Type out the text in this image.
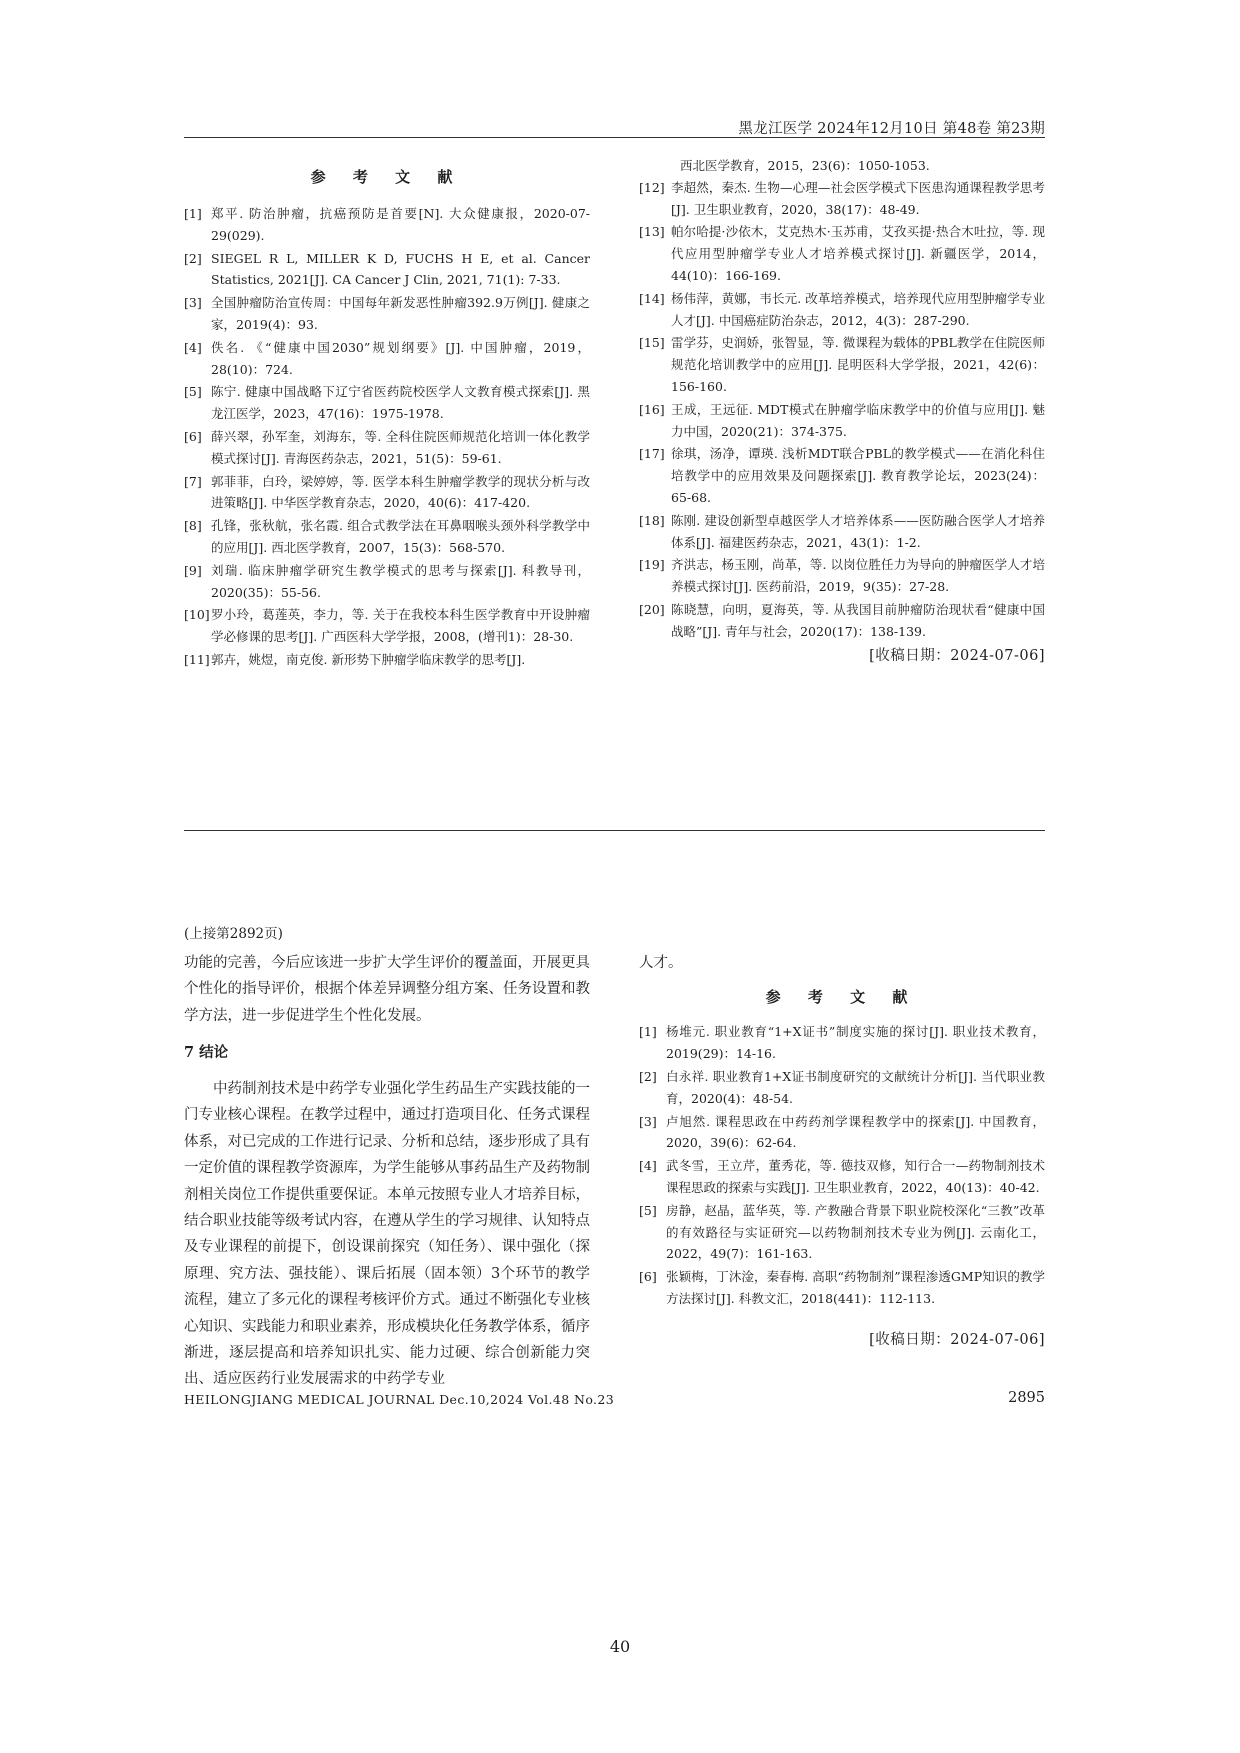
黑龙江医学 2024年12月10日 第48卷 第23期

参 考 文 献

[1] 郑平. 防治肿瘤，抗癌预防是首要[N]. 大众健康报，2020-07-29(029).

[2] SIEGEL R L, MILLER K D, FUCHS H E, et al. Cancer Statistics, 2021[J]. CA Cancer J Clin, 2021, 71(1): 7-33.

[3] 全国肿瘤防治宣传周：中国每年新发恶性肿瘤392.9万例[J]. 健康之家，2019(4)：93.

[4] 佚名. 《“健康中国2030”规划纲要》[J]. 中国肿瘤，2019，28(10)：724.

[5] 陈宁. 健康中国战略下辽宁省医药院校医学人文教育模式探索[J]. 黑龙江医学，2023，47(16)：1975-1978.

[6] 薛兴翠，孙军奎，刘海东，等. 全科住院医师规范化培训一体化教学模式探讨[J]. 青海医药杂志，2021，51(5)：59-61.

[7] 郭菲菲，白玲，梁婷婷，等. 医学本科生肿瘤学教学的现状分析与改进策略[J]. 中华医学教育杂志，2020，40(6)：417-420.

[8] 孔锋，张秋航，张名霞. 组合式教学法在耳鼻咽喉头颈外科学教学中的应用[J]. 西北医学教育，2007，15(3)：568-570.

[9] 刘瑞. 临床肿瘤学研究生教学模式的思考与探索[J]. 科教导刊，2020(35)：55-56.

[10] 罗小玲，葛莲英，李力，等. 关于在我校本科生医学教育中开设肿瘤学必修课的思考[J]. 广西医科大学学报，2008，(增刊1)：28-30.

[11] 郭卉，姚煜，南克俊. 新形势下肿瘤学临床教学的思考[J].

西北医学教育，2015，23(6)：1050-1053.

[12] 李超然，秦杰. 生物—心理—社会医学模式下医患沟通课程教学思考[J]. 卫生职业教育，2020，38(17)：48-49.

[13] 帕尔哈提·沙依木，艾克热木·玉苏甫，艾孜买提·热合木吐拉，等. 现代应用型肿瘤学专业人才培养模式探讨[J]. 新疆医学，2014，44(10)：166-169.

[14] 杨伟萍，黄娜，韦长元. 改革培养模式，培养现代应用型肿瘤学专业人才[J]. 中国癌症防治杂志，2012，4(3)：287-290.

[15] 雷学芬，史润娇，张智显，等. 微课程为载体的PBL教学在住院医师规范化培训教学中的应用[J]. 昆明医科大学学报，2021，42(6)：156-160.

[16] 王成，王远征. MDT模式在肿瘤学临床教学中的价值与应用[J]. 魅力中国，2020(21)：374-375.

[17] 徐琪，汤净，谭瑛. 浅析MDT联合PBL的教学模式——在消化科住培教学中的应用效果及问题探索[J]. 教育教学论坛，2023(24)：65-68.

[18] 陈刚. 建设创新型卓越医学人才培养体系——医防融合医学人才培养体系[J]. 福建医药杂志，2021，43(1)：1-2.

[19] 齐洪志，杨玉刚，尚革，等. 以岗位胜任力为导向的肿瘤医学人才培养模式探讨[J]. 医药前沿，2019，9(35)：27-28.

[20] 陈晓慧，向明，夏海英，等. 从我国目前肿瘤防治现状看“健康中国战略”[J]. 青年与社会，2020(17)：138-139.

[收稿日期：2024-07-06]

(上接第2892页)

功能的完善，今后应该进一步扩大学生评价的覆盖面，开展更具个性化的指导评价，根据个体差异调整分组方案、任务设置和教学方法，进一步促进学生个性化发展。

7 结论

中药制剂技术是中药学专业强化学生药品生产实践技能的一门专业核心课程。在教学过程中，通过打造项目化、任务式课程体系，对已完成的工作进行记录、分析和总结，逐步形成了具有一定价值的课程教学资源库，为学生能够从事药品生产及药物制剂相关岗位工作提供重要保证。本单元按照专业人才培养目标，结合职业技能等级考试内容，在遵从学生的学习规律、认知特点及专业课程的前提下，创设课前探究（知任务）、课中强化（探原理、究方法、强技能）、课后拓展（固本领）3个环节的教学流程，建立了多元化的课程考核评价方式。通过不断强化专业核心知识、实践能力和职业素养，形成模块化任务教学体系，循序渐进，逐层提高和培养知识扎实、能力过硬、综合创新能力突出、适应医药行业发展需求的中药学专业

人才。

参 考 文 献

[1] 杨堆元. 职业教育“1+X证书”制度实施的探讨[J]. 职业技术教育，2019(29)：14-16.

[2] 白永祥. 职业教育1+X证书制度研究的文献统计分析[J]. 当代职业教育，2020(4)：48-54.

[3] 卢旭然. 课程思政在中药药剂学课程教学中的探索[J]. 中国教育，2020，39(6)：62-64.

[4] 武冬雪，王立芹，董秀花，等. 德技双修，知行合一—药物制剂技术课程思政的探索与实践[J]. 卫生职业教育，2022，40(13)：40-42.

[5] 房静，赵晶，蓝华英，等. 产教融合背景下职业院校深化“三教”改革的有效路径与实证研究—以药物制剂技术专业为例[J]. 云南化工，2022，49(7)：161-163.

[6] 张颖梅，丁沐淦，秦春梅. 高职“药物制剂”课程渗透GMP知识的教学方法探讨[J]. 科教文汇，2018(441)：112-113.

[收稿日期：2024-07-06]
HEILONGJIANG MEDICAL JOURNAL Dec.10,2024 Vol.48 No.23	2895
40
